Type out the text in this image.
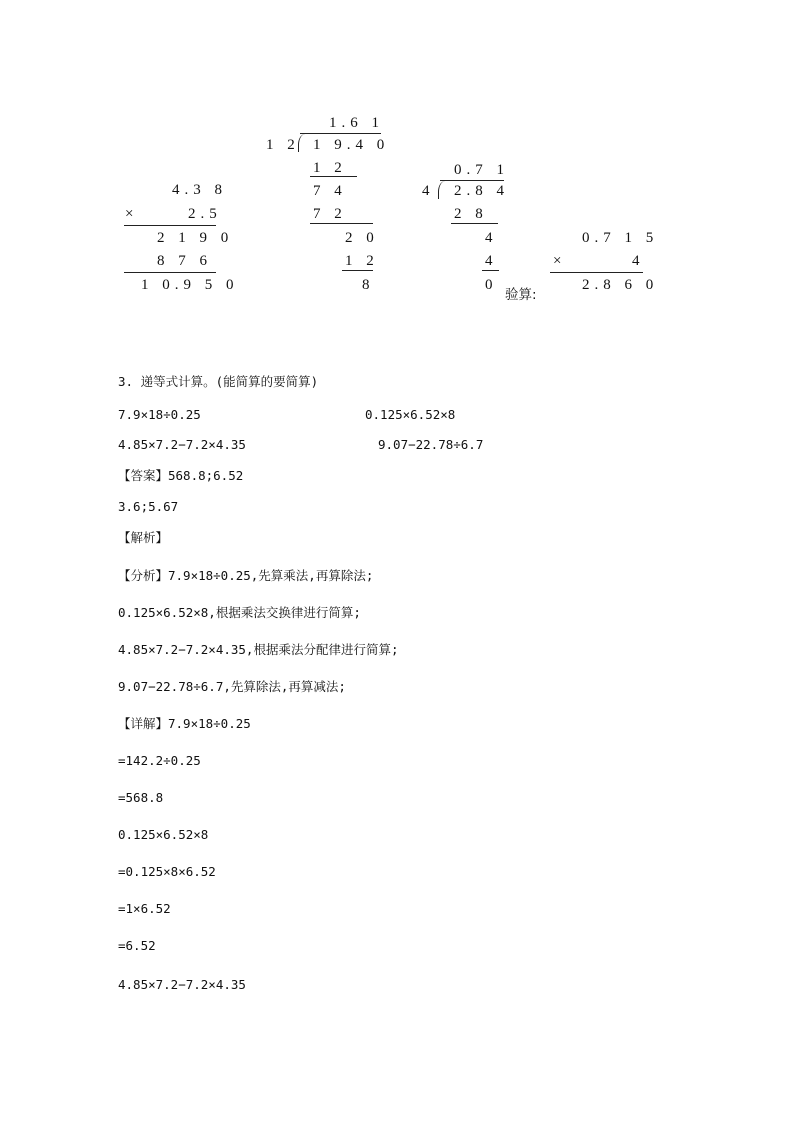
4.3 8
×	2.5
2 1 9 0
8 7 6
1 0.9 5 0
1.6 1
1 2 1 9.4 0
1 2
7 4
7 2
2 0
1 2
8
0.7 1
4 2.8 4
2 8
4
4
0
验算:
0.7 1 5
×	4
2.8 6 0
3. 递等式计算。(能简算的要简算)
7.9×18÷0.25	0.125×6.52×8
4.85×7.2−7.2×4.35	9.07−22.78÷6.7
【答案】568.8;6.52
3.6;5.67
【解析】
【分析】7.9×18÷0.25,先算乘法,再算除法;
0.125×6.52×8,根据乘法交换律进行简算;
4.85×7.2−7.2×4.35,根据乘法分配律进行简算;
9.07−22.78÷6.7,先算除法,再算减法;
【详解】7.9×18÷0.25
=142.2÷0.25
=568.8
0.125×6.52×8
=0.125×8×6.52
=1×6.52
=6.52
4.85×7.2−7.2×4.35
